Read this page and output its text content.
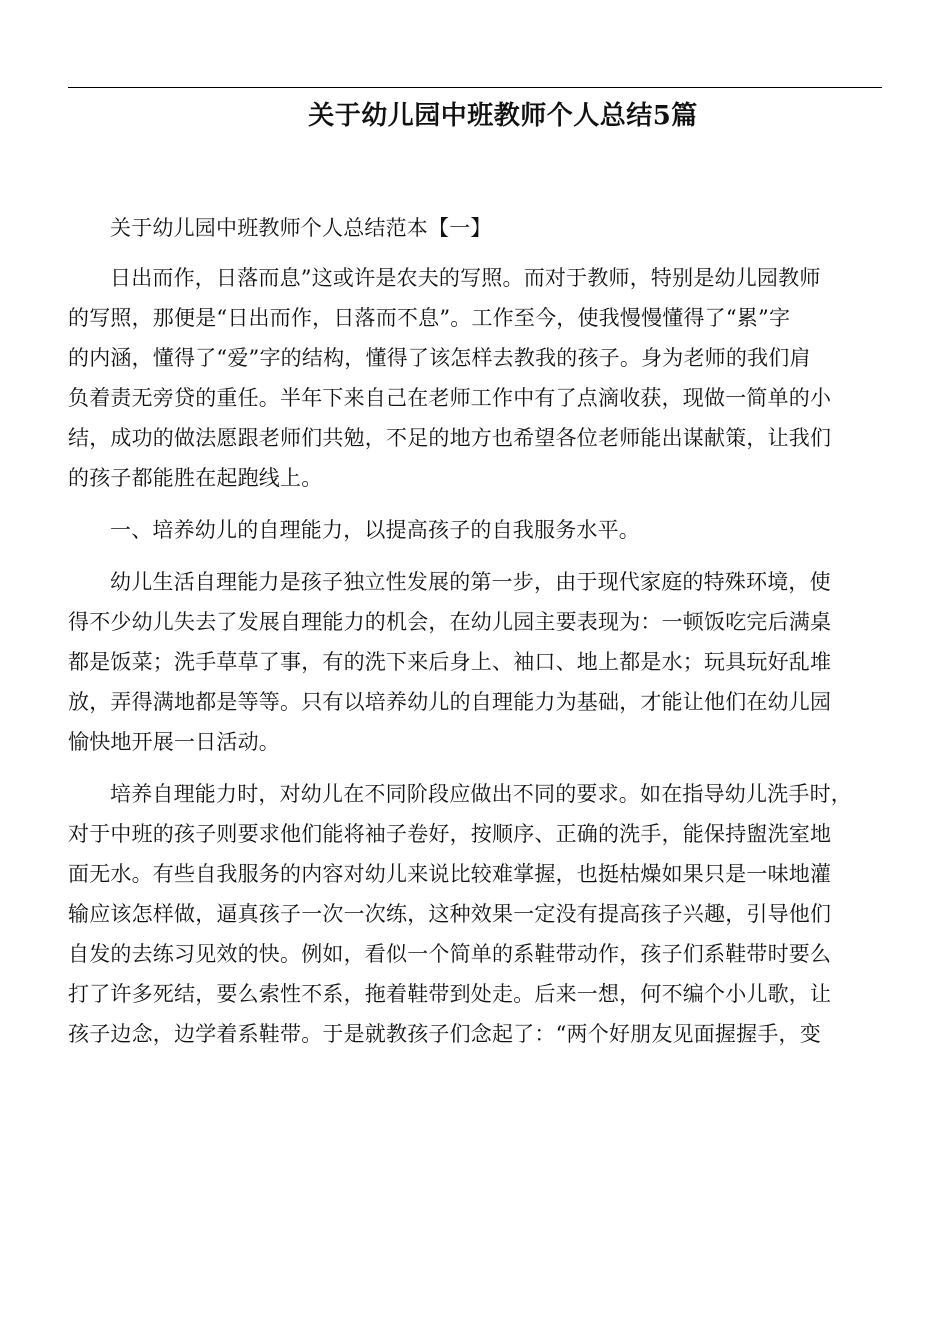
关于幼儿园中班教师个人总结5篇

关于幼儿园中班教师个人总结范本【一】

日出而作，日落而息”这或许是农夫的写照。而对于教师，特别是幼儿园教师
的写照，那便是“日出而作，日落而不息”。工作至今，使我慢慢懂得了“累”字
的内涵，懂得了“爱”字的结构，懂得了该怎样去教我的孩子。身为老师的我们肩
负着责无旁贷的重任。半年下来自己在老师工作中有了点滴收获，现做一简单的小
结，成功的做法愿跟老师们共勉，不足的地方也希望各位老师能出谋献策，让我们
的孩子都能胜在起跑线上。

一、培养幼儿的自理能力，以提高孩子的自我服务水平。

幼儿生活自理能力是孩子独立性发展的第一步，由于现代家庭的特殊环境，使
得不少幼儿失去了发展自理能力的机会，在幼儿园主要表现为：一顿饭吃完后满桌
都是饭菜；洗手草草了事，有的洗下来后身上、袖口、地上都是水；玩具玩好乱堆
放，弄得满地都是等等。只有以培养幼儿的自理能力为基础，才能让他们在幼儿园
愉快地开展一日活动。

培养自理能力时，对幼儿在不同阶段应做出不同的要求。如在指导幼儿洗手时，
对于中班的孩子则要求他们能将袖子卷好，按顺序、正确的洗手，能保持盥洗室地
面无水。有些自我服务的内容对幼儿来说比较难掌握，也挺枯燥如果只是一味地灌
输应该怎样做，逼真孩子一次一次练，这种效果一定没有提高孩子兴趣，引导他们
自发的去练习见效的快。例如，看似一个简单的系鞋带动作，孩子们系鞋带时要么
打了许多死结，要么索性不系，拖着鞋带到处走。后来一想，何不编个小儿歌，让
孩子边念，边学着系鞋带。于是就教孩子们念起了：“两个好朋友见面握握手，变
